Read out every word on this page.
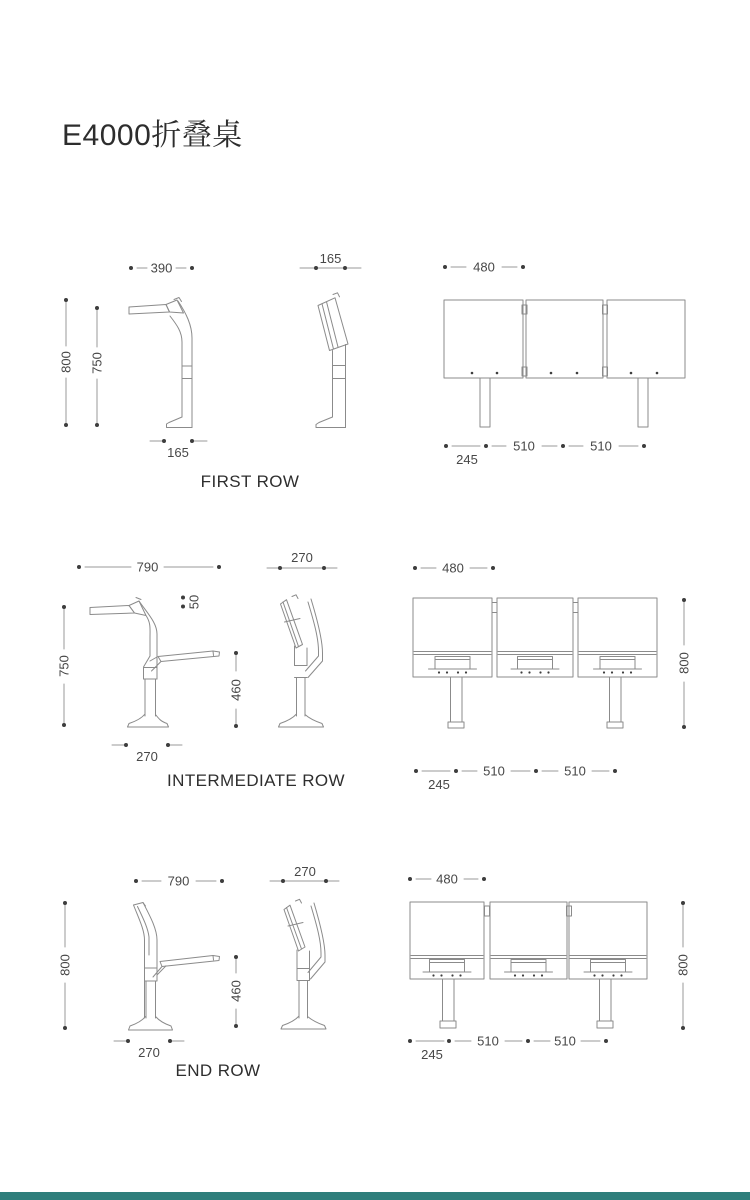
E4000折叠桌
390
800 750
165
165
480
245
510	510
FIRST ROW
790
270
50
750
460
270
480
800
245
510	510
INTERMEDIATE ROW
790
270
800
460
270
480
800
245
510	510
END ROW
